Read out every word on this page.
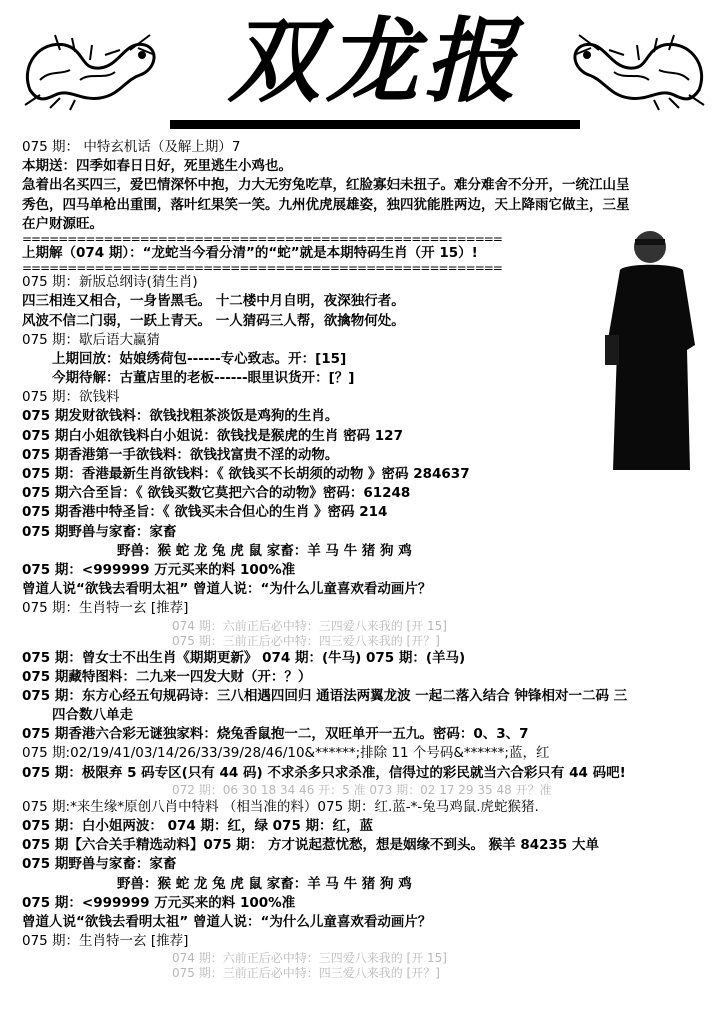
双龙报
075 期： 中特玄机话（及解上期）7
本期送：四季如春日日好，死里逃生小鸡也。
急着出名买四三，爱巴情深怀中抱，力大无穷兔吃草，红脸寡妇未扭子。难分难舍不分开，一统江山呈
秀色，四马单枪出重围，落叶红果笑一笑。九州优虎展雄姿，独四犹能胜两边，天上降雨它做主，三星
在户财源旺。
=====================================================
上期解（074 期）：“龙蛇当今看分清”的“蛇”就是本期特码生肖（开 15）!
=====================================================
075 期：新版总纲诗(猜生肖)
四三相连又相合，一身皆黑毛。 十二楼中月自明，夜深独行者。
风波不信二门弱，一跃上青天。 一人猜码三人帮，欲擒物何处。
075 期：歇后语大赢猜
上期回放：姑娘绣荷包------专心致志。开：[15]
今期待解：古董店里的老板------眼里识货开：[？]
075 期：欲钱料
075 期发财欲钱料：欲钱找粗茶淡饭是鸡狗的生肖。
075 期白小姐欲钱料白小姐说：欲钱找是猴虎的生肖 密码 127
075 期香港第一手欲钱料：欲钱找富贵不淫的动物。
075 期：香港最新生肖欲钱料：《 欲钱买不长胡须的动物 》密码 284637
075 期六合至旨：《 欲钱买数它莫把六合的动物》密码：61248
075 期香港中特圣旨：《 欲钱买未合但心的生肖 》密码 214
075 期野兽与家畜：家畜
野兽：猴 蛇 龙 兔 虎 鼠 家畜：羊 马 牛 猪 狗 鸡
075 期：<999999 万元买来的料 100%准
曾道人说“欲钱去看明太祖” 曾道人说：“为什么儿童喜欢看动画片？
075 期：生肖特一玄 [推荐]
074 期：六前正后必中特：三四爱八来我的 [开 15]
075 期：三前正后必中特：四三爱八来我的 [开？]
075 期：曾女士不出生肖《期期更新》 074 期：(牛马) 075 期：(羊马)
075 期藏特图料：二九来一四发大财（开：？）
075 期：东方心经五句规码诗：三八相遇四回归 通语法两翼龙波 一起二落入结合 钟锋相对一二码 三
四合数八单走
075 期香港六合彩无谜独家料：烧兔香鼠抱一二，双旺单开一五九。密码：0、3、7
075 期:02/19/41/03/14/26/33/39/28/46/10&******;排除 11 个号码&******;蓝，红
075 期：极限弃 5 码专区(只有 44 码) 不求杀多只求杀准，信得过的彩民就当六合彩只有 44 码吧!
072 期：06 30 18 34 46 开：5 准 073 期：02 17 29 35 48 开？准
075 期:*来生缘*原创八肖中特料 （相当准的料）075 期：红.蓝-*-兔马鸡鼠.虎蛇猴猪.
075 期：白小姐两波： 074 期：红，绿 075 期：红，蓝
075 期【六合关手精选动料】075 期： 方才说起惹忧愁，想是姻缘不到头。 猴羊 84235 大单
075 期野兽与家畜：家畜
野兽：猴 蛇 龙 兔 虎 鼠 家畜：羊 马 牛 猪 狗 鸡
075 期：<999999 万元买来的料 100%准
曾道人说“欲钱去看明太祖” 曾道人说：“为什么儿童喜欢看动画片？
075 期：生肖特一玄 [推荐]
074 期：六前正后必中特：三四爱八来我的 [开 15]
075 期：三前正后必中特：四三爱八来我的 [开？]
